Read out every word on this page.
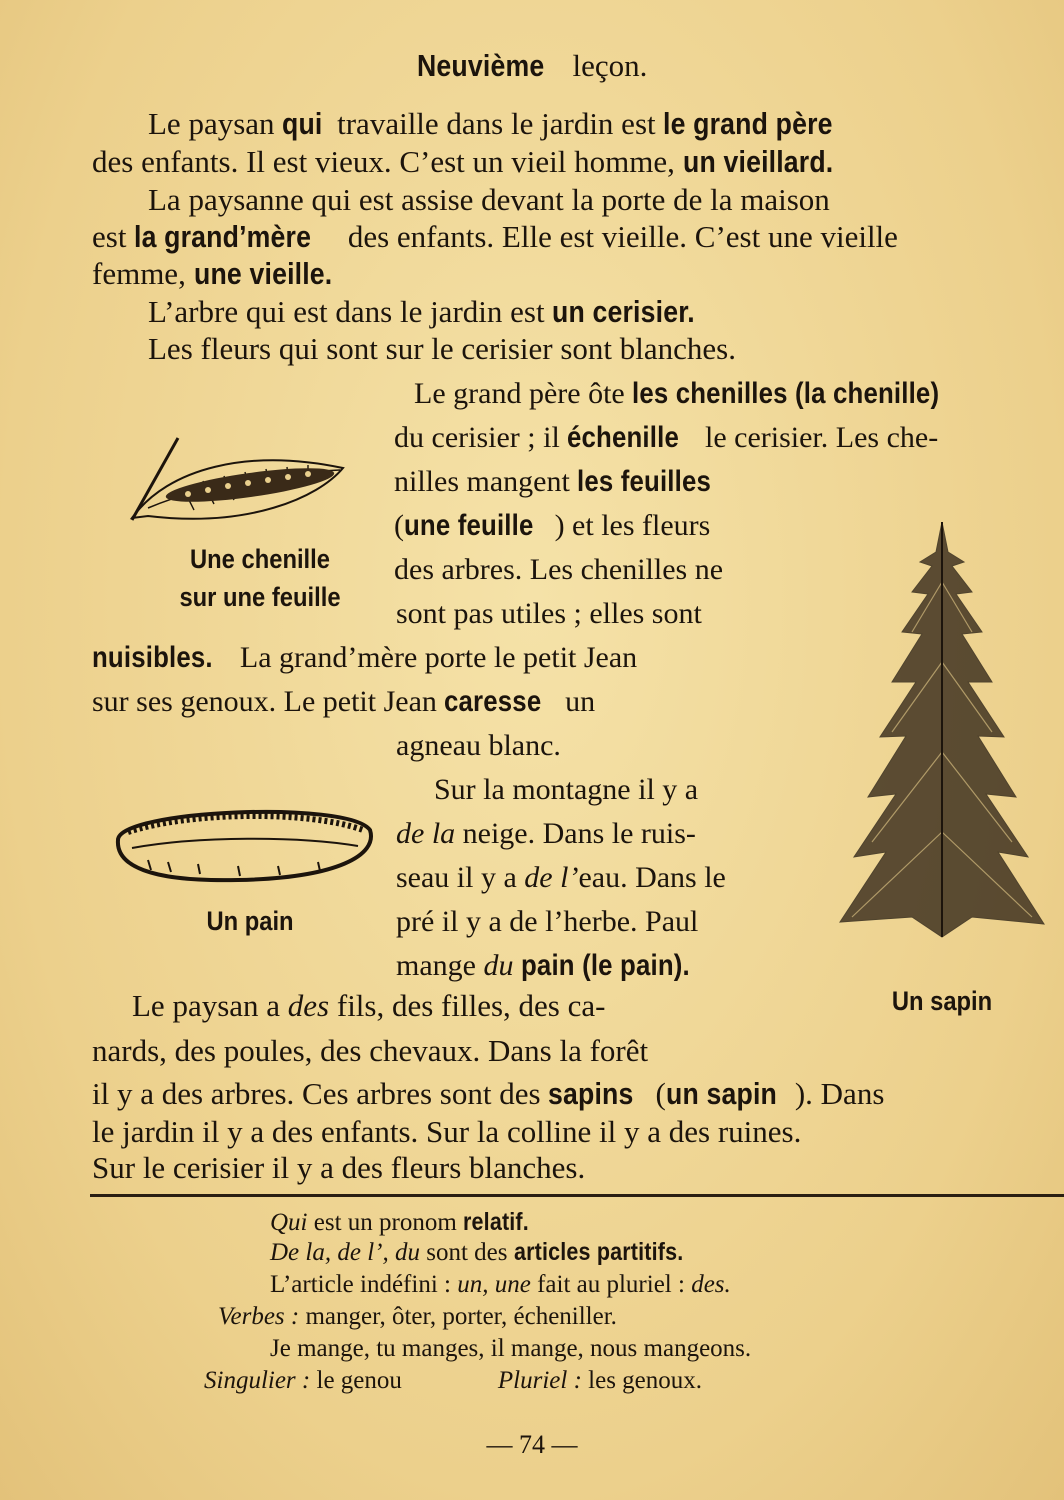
Neuvième leçon.
Le paysan qui travaille dans le jardin est le grand père
des enfants. Il est vieux. C’est un vieil homme, un vieillard.
La paysanne qui est assise devant la porte de la maison
est la grand’mère des enfants. Elle est vieille. C’est une vieille
femme, une vieille.
L’arbre qui est dans le jardin est un cerisier.
Les fleurs qui sont sur le cerisier sont blanches.
Une chenille
sur une feuille
Le grand père ôte les chenilles (la chenille)
du cerisier ; il échenille le cerisier. Les che-
nilles mangent les feuilles
(une feuille ) et les fleurs
des arbres. Les chenilles ne
sont pas utiles ; elles sont
nuisibles. La grand’mère porte le petit Jean
sur ses genoux. Le petit Jean caresse un
agneau blanc.
Un pain
Sur la montagne il y a
de la neige. Dans le ruis-
seau il y a de l’eau. Dans le
pré il y a de l’herbe. Paul
mange du pain (le pain).
Un sapin
Le paysan a des fils, des filles, des ca-
nards, des poules, des chevaux. Dans la forêt
il y a des arbres. Ces arbres sont des sapins (un sapin ). Dans
le jardin il y a des enfants. Sur la colline il y a des ruines.
Sur le cerisier il y a des fleurs blanches.
Qui est un pronom relatif.
De la, de l’, du sont des articles partitifs.
L’article indéfini : un, une fait au pluriel : des.
Verbes : manger, ôter, porter, écheniller.
Je mange, tu manges, il mange, nous mangeons.
Singulier : le genou	Pluriel : les genoux.
— 74 —
